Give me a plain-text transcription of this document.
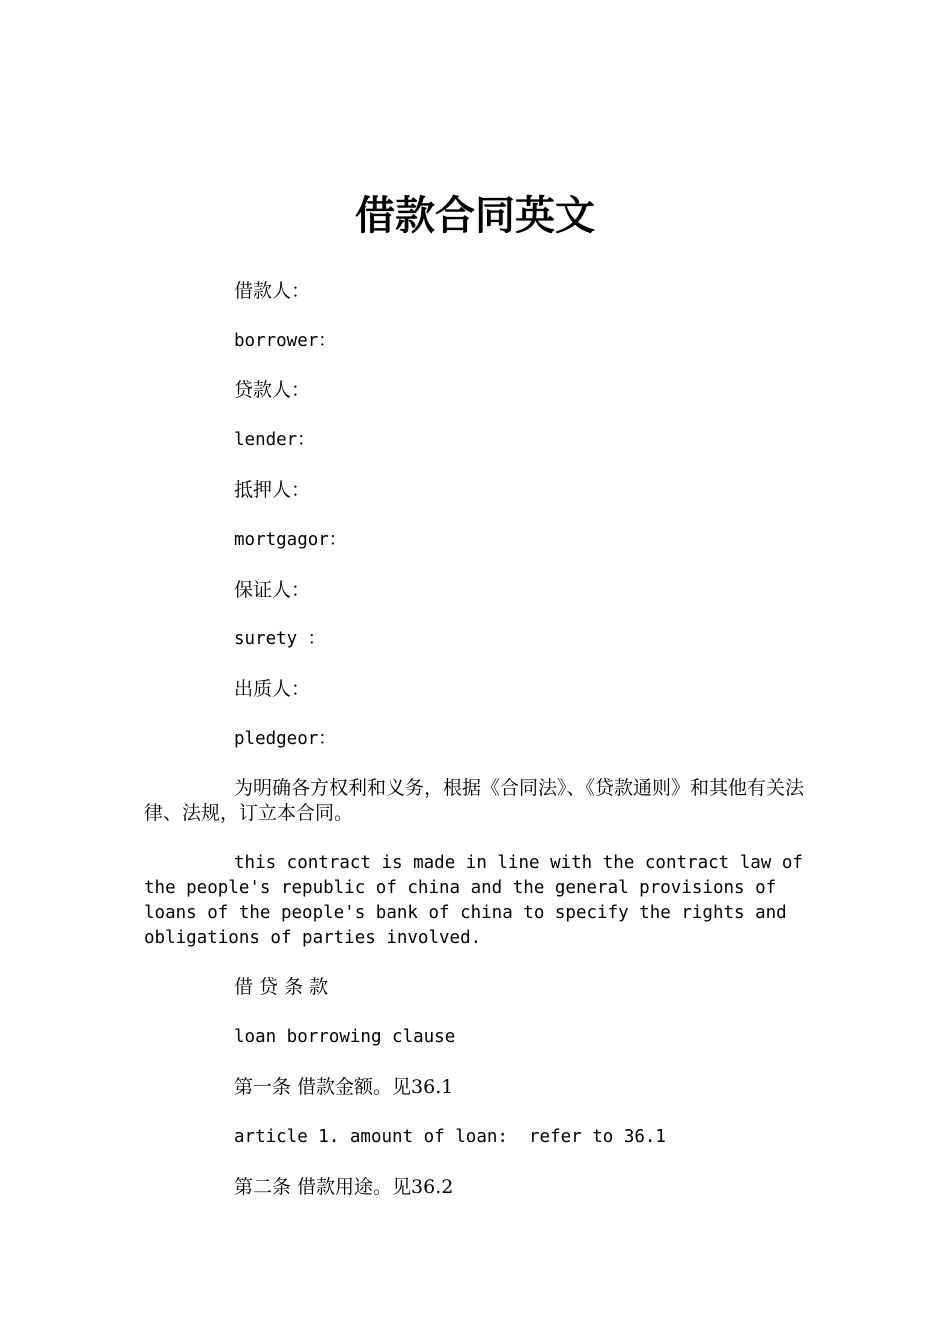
借款合同英文
借款人：
borrower：
贷款人：
lender：
抵押人：
mortgagor：
保证人：
surety ：
出质人：
pledgeor：

为明确各方权利和义务，根据《合同法》、《贷款通则》和其他有关法律、法规，订立本合同。

this contract is made in line with the contract law of the people's republic of china and the general provisions of loans of the people's bank of china to specify the rights and obligations of parties involved.

借 贷 条 款
loan borrowing clause
第一条 借款金额。见36.1
article 1. amount of loan:  refer to 36.1
第二条 借款用途。见36.2
